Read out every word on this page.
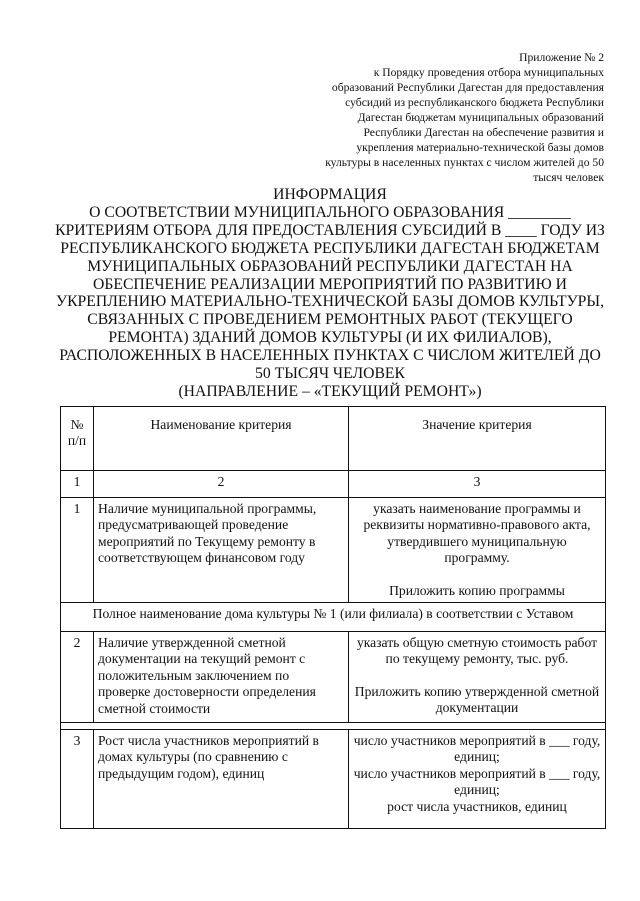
Приложение № 2
к Порядку проведения отбора муниципальных
образований Республики Дагестан для предоставления
субсидий из республиканского бюджета Республики
Дагестан бюджетам муниципальных образований
Республики Дагестан на обеспечение развития и
укрепления материально-технической базы домов
культуры в населенных пунктах с числом жителей до 50
тысяч человек
ИНФОРМАЦИЯ
О СООТВЕТСТВИИ МУНИЦИПАЛЬНОГО ОБРАЗОВАНИЯ ________
КРИТЕРИЯМ ОТБОРА ДЛЯ ПРЕДОСТАВЛЕНИЯ СУБСИДИЙ В ____ ГОДУ ИЗ
РЕСПУБЛИКАНСКОГО БЮДЖЕТА РЕСПУБЛИКИ ДАГЕСТАН БЮДЖЕТАМ
МУНИЦИПАЛЬНЫХ ОБРАЗОВАНИЙ РЕСПУБЛИКИ ДАГЕСТАН НА
ОБЕСПЕЧЕНИЕ РЕАЛИЗАЦИИ МЕРОПРИЯТИЙ ПО РАЗВИТИЮ И
УКРЕПЛЕНИЮ МАТЕРИАЛЬНО-ТЕХНИЧЕСКОЙ БАЗЫ ДОМОВ КУЛЬТУРЫ,
СВЯЗАННЫХ С ПРОВЕДЕНИЕМ РЕМОНТНЫХ РАБОТ (ТЕКУЩЕГО
РЕМОНТА) ЗДАНИЙ ДОМОВ КУЛЬТУРЫ (И ИХ ФИЛИАЛОВ),
РАСПОЛОЖЕННЫХ В НАСЕЛЕННЫХ ПУНКТАХ С ЧИСЛОМ ЖИТЕЛЕЙ ДО
50 ТЫСЯЧ ЧЕЛОВЕК
(НАПРАВЛЕНИЕ – «ТЕКУЩИЙ РЕМОНТ»)
№ п/п	Наименование критерия	Значение критерия
1	2	3
1	Наличие муниципальной программы, предусматривающей проведение мероприятий по Текущему ремонту в соответствующем финансовом году	указать наименование программы и реквизиты нормативно-правового акта, утвердившего муниципальную программу.
Приложить копию программы

Полное наименование дома культуры № 1 (или филиала) в соответствии с Уставом		
2	Наличие утвержденной сметной документации на текущий ремонт с положительным заключением по проверке достоверности определения сметной стоимости	указать общую сметную стоимость работ по текущему ремонту, тыс. руб.
Приложить копию утвержденной сметной документации

3	Рост числа участников мероприятий в домах культуры (по сравнению с предыдущим годом), единиц	число участников мероприятий в ___ году, единиц;
число участников мероприятий в ___ году, единиц;
рост числа участников, единиц
